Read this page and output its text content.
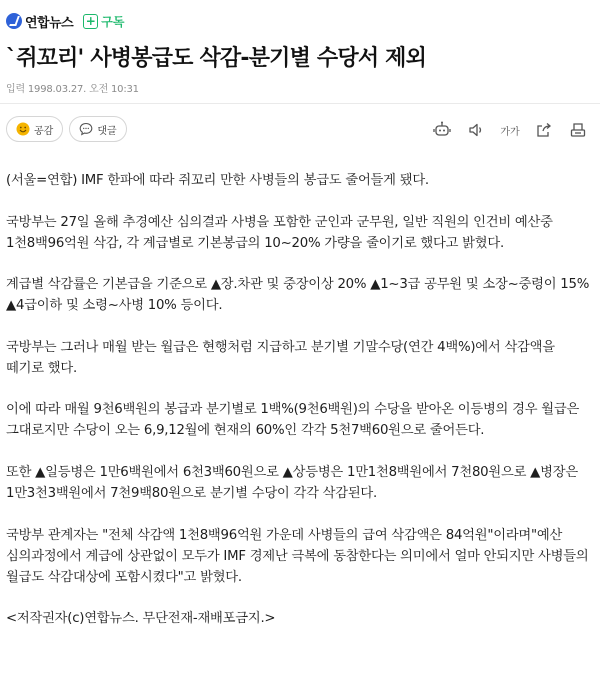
연합뉴스 + 구독
`쥐꼬리' 사병봉급도 삭감-분기별 수당서 제외
입력 1998.03.27. 오전 10:31
공감	댓글	가가

(서울=연합) IMF 한파에 따라 쥐꼬리 만한 사병들의 봉급도 줄어들게 됐다.

국방부는 27일 올해 추경예산 심의결과 사병을 포함한 군인과 군무원, 일반 직원의 인건비 예산중 1천8백96억원 삭감, 각 계급별로 기본봉급의 10~20% 가량을 줄이기로 했다고 밝혔다.

계급별 삭감률은 기본급을 기준으로 ▲장.차관 및 중장이상 20% ▲1~3급 공무원 및 소장~중령이 15% ▲4급이하 및 소령~사병 10% 등이다.

국방부는 그러나 매월 받는 월급은 현행처럼 지급하고 분기별 기말수당(연간 4백%)에서 삭감액을 떼기로 했다.

이에 따라 매월 9천6백원의 봉급과 분기별로 1백%(9천6백원)의 수당을 받아온 이등병의 경우 월급은 그대로지만 수당이 오는 6,9,12월에 현재의 60%인 각각 5천7백60원으로 줄어든다.

또한 ▲일등병은 1만6백원에서 6천3백60원으로 ▲상등병은 1만1천8백원에서 7천80원으로 ▲병장은 1만3천3백원에서 7천9백80원으로 분기별 수당이 각각 삭감된다.

국방부 관계자는 "전체 삭감액 1천8백96억원 가운데 사병들의 급여 삭감액은 84억원"이라며"예산 심의과정에서 계급에 상관없이 모두가 IMF 경제난 극복에 동참한다는 의미에서 얼마 안되지만 사병들의 월급도 삭감대상에 포함시켰다"고 밝혔다.

<저작권자(c)연합뉴스. 무단전재-재배포금지.>
